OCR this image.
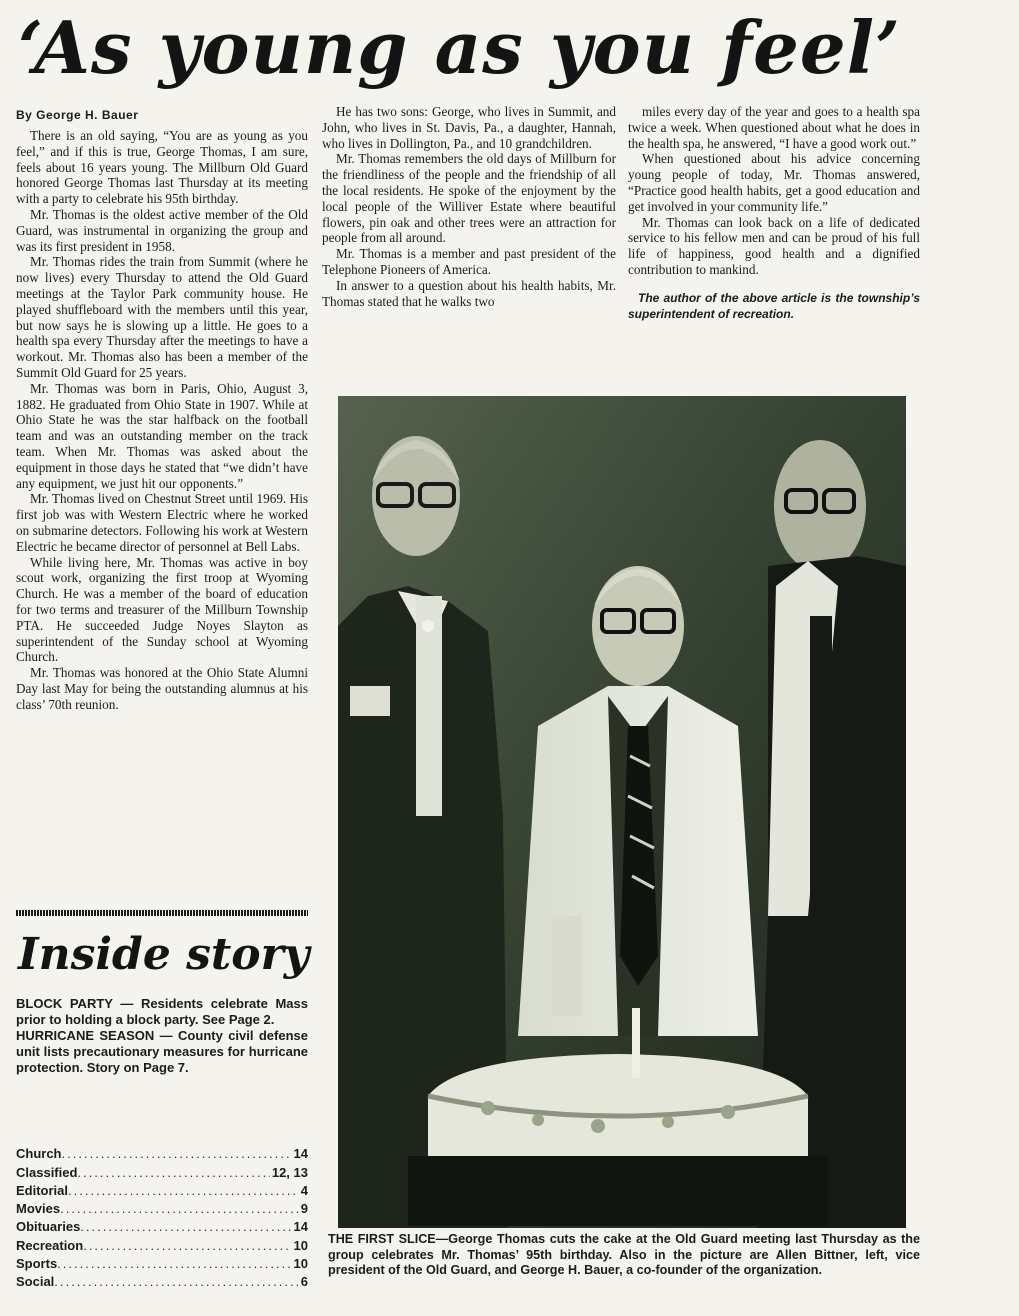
‘As young as you feel’
By George H. Bauer

There is an old saying, “You are as young as you feel,” and if this is true, George Thomas, I am sure, feels about 16 years young. The Millburn Old Guard honored George Thomas last Thursday at its meeting with a party to celebrate his 95th birthday.

Mr. Thomas is the oldest active member of the Old Guard, was instrumental in organizing the group and was its first president in 1958.

Mr. Thomas rides the train from Summit (where he now lives) every Thursday to attend the Old Guard meetings at the Taylor Park community house. He played shuffleboard with the members until this year, but now says he is slowing up a little. He goes to a health spa every Thursday after the meetings to have a workout. Mr. Thomas also has been a member of the Summit Old Guard for 25 years.

Mr. Thomas was born in Paris, Ohio, August 3, 1882. He graduated from Ohio State in 1907. While at Ohio State he was the star halfback on the football team and was an outstanding member on the track team. When Mr. Thomas was asked about the equipment in those days he stated that “we didn’t have any equipment, we just hit our opponents.”

Mr. Thomas lived on Chestnut Street until 1969. His first job was with Western Electric where he worked on submarine detectors. Following his work at Western Electric he became director of personnel at Bell Labs.

While living here, Mr. Thomas was active in boy scout work, organizing the first troop at Wyoming Church. He was a member of the board of education for two terms and treasurer of the Millburn Township PTA. He succeeded Judge Noyes Slayton as superintendent of the Sunday school at Wyoming Church.

Mr. Thomas was honored at the Ohio State Alumni Day last May for being the outstanding alumnus at his class’ 70th reunion.

He has two sons: George, who lives in Summit, and John, who lives in St. Davis, Pa., a daughter, Hannah, who lives in Dollington, Pa., and 10 grandchildren.

Mr. Thomas remembers the old days of Millburn for the friendliness of the people and the friendship of all the local residents. He spoke of the enjoyment by the local people of the Williver Estate where beautiful flowers, pin oak and other trees were an attraction for people from all around.

Mr. Thomas is a member and past president of the Telephone Pioneers of America.

In answer to a question about his health habits, Mr. Thomas stated that he walks two

miles every day of the year and goes to a health spa twice a week. When questioned about what he does in the health spa, he answered, “I have a good work out.”

When questioned about his advice concerning young people of today, Mr. Thomas answered, “Practice good health habits, get a good education and get involved in your community life.”

Mr. Thomas can look back on a life of dedicated service to his fellow men and can be proud of his full life of happiness, good health and a dignified contribution to mankind.

The author of the above article is the township’s superintendent of recreation.

Inside story

BLOCK PARTY — Residents celebrate Mass prior to holding a block party. See Page 2.

HURRICANE SEASON — County civil defense unit lists precautionary measures for hurricane protection. Story on Page 7.

Church .....	14
Classified .....	12, 13
Editorial .....	4
Movies .....	9
Obituaries .....	14
Recreation .....	10
Sports .....	10
Social .....	6
THE FIRST SLICE—George Thomas cuts the cake at the Old Guard meeting last Thursday as the group celebrates Mr. Thomas’ 95th birthday. Also in the picture are Allen Bittner, left, vice president of the Old Guard, and George H. Bauer, a co-founder of the organization.
